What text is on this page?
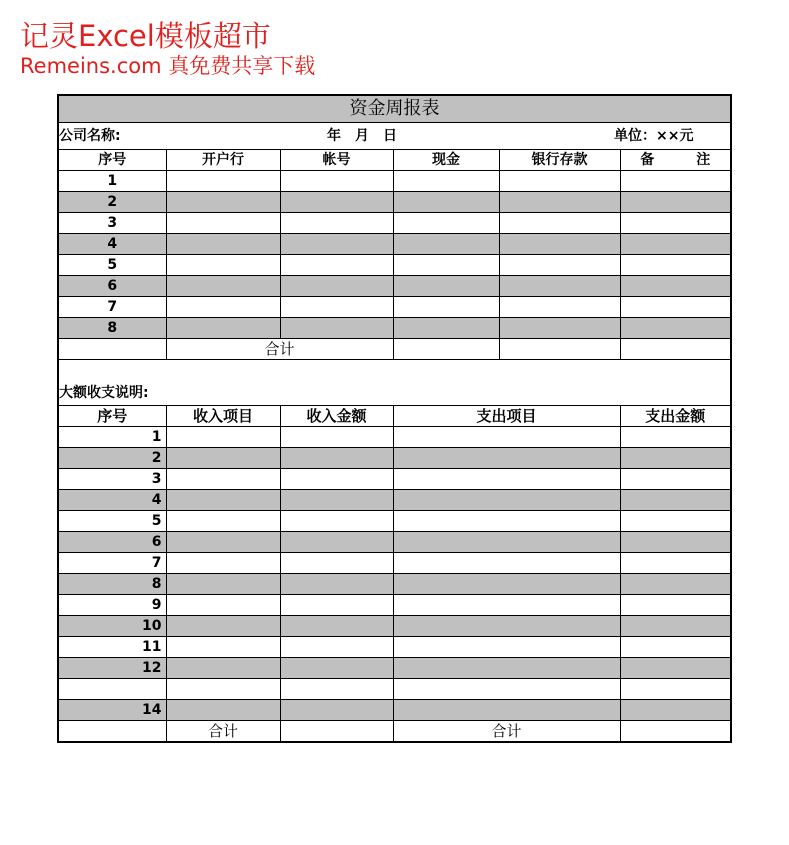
记灵Excel模板超市
Remeins.com 真免费共享下载
资金周报表
公司名称:	年　月　日	单位：××元
序号	开户行	帐号	现金	银行存款	备　　　注
1					
2					
3					
4					
5					
6					
7					
8					
	合计			

大额收支说明:
序号	收入项目	收入金额	支出项目	支出金额
1				
2				
3				
4				
5				
6				
7				
8				
9				
10				
11				
12				

14				
	合计		合计	
